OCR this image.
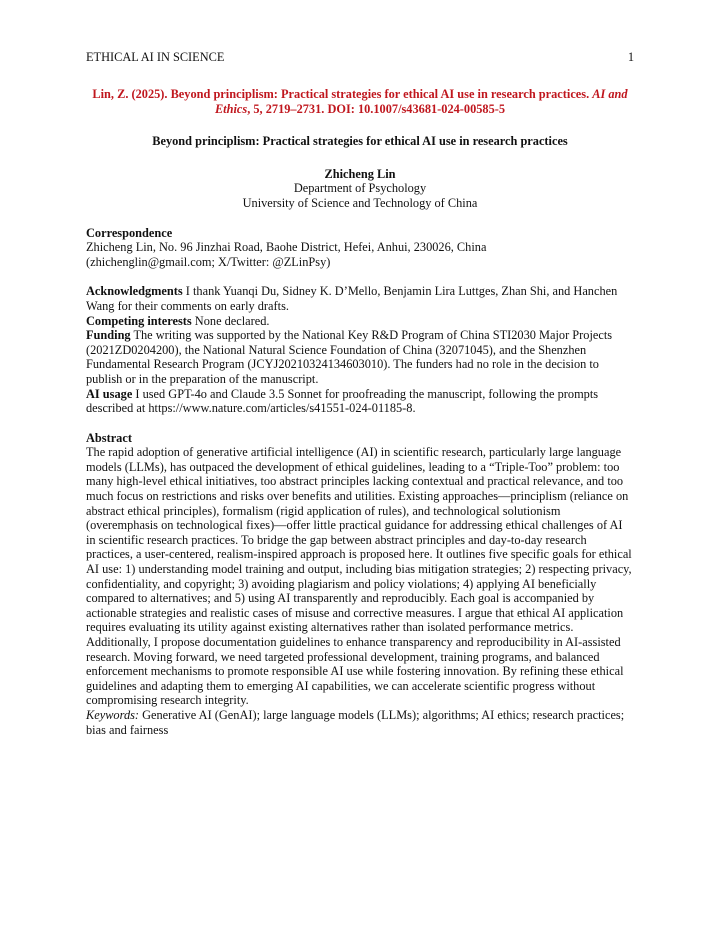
ETHICAL AI IN SCIENCE	1
Lin, Z. (2025). Beyond principlism: Practical strategies for ethical AI use in research practices. AI and Ethics, 5, 2719–2731. DOI: 10.1007/s43681-024-00585-5
Beyond principlism: Practical strategies for ethical AI use in research practices
Zhicheng Lin
Department of Psychology
University of Science and Technology of China
Correspondence
Zhicheng Lin, No. 96 Jinzhai Road, Baohe District, Hefei, Anhui, 230026, China
(zhichenglin@gmail.com; X/Twitter: @ZLinPsy)

Acknowledgments I thank Yuanqi Du, Sidney K. D’Mello, Benjamin Lira Luttges, Zhan Shi, and Hanchen Wang for their comments on early drafts.

Competing interests None declared.

Funding The writing was supported by the National Key R&D Program of China STI2030 Major Projects (2021ZD0204200), the National Natural Science Foundation of China (32071045), and the Shenzhen Fundamental Research Program (JCYJ20210324134603010). The funders had no role in the decision to publish or in the preparation of the manuscript.

AI usage I used GPT-4o and Claude 3.5 Sonnet for proofreading the manuscript, following the prompts described at https://www.nature.com/articles/s41551-024-01185-8.

Abstract

The rapid adoption of generative artificial intelligence (AI) in scientific research, particularly large language models (LLMs), has outpaced the development of ethical guidelines, leading to a “Triple-Too” problem: too many high-level ethical initiatives, too abstract principles lacking contextual and practical relevance, and too much focus on restrictions and risks over benefits and utilities. Existing approaches—principlism (reliance on abstract ethical principles), formalism (rigid application of rules), and technological solutionism (overemphasis on technological fixes)—offer little practical guidance for addressing ethical challenges of AI in scientific research practices. To bridge the gap between abstract principles and day-to-day research practices, a user-centered, realism-inspired approach is proposed here. It outlines five specific goals for ethical AI use: 1) understanding model training and output, including bias mitigation strategies; 2) respecting privacy, confidentiality, and copyright; 3) avoiding plagiarism and policy violations; 4) applying AI beneficially compared to alternatives; and 5) using AI transparently and reproducibly. Each goal is accompanied by actionable strategies and realistic cases of misuse and corrective measures. I argue that ethical AI application requires evaluating its utility against existing alternatives rather than isolated performance metrics. Additionally, I propose documentation guidelines to enhance transparency and reproducibility in AI-assisted research. Moving forward, we need targeted professional development, training programs, and balanced enforcement mechanisms to promote responsible AI use while fostering innovation. By refining these ethical guidelines and adapting them to emerging AI capabilities, we can accelerate scientific progress without compromising research integrity.

Keywords: Generative AI (GenAI); large language models (LLMs); algorithms; AI ethics; research practices; bias and fairness
